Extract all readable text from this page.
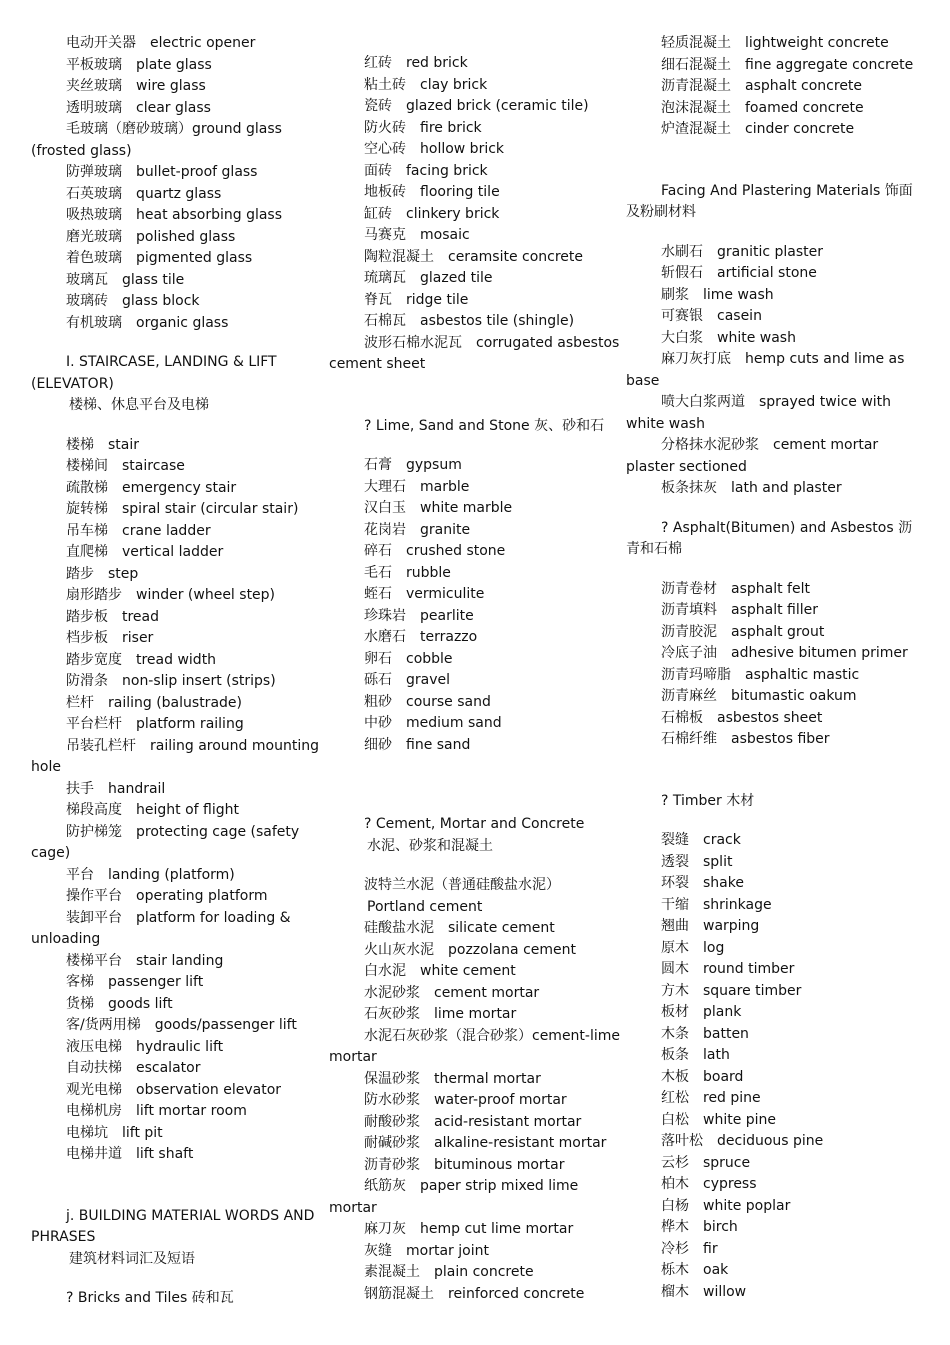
电动开关器　electric opener
平板玻璃　plate glass
夹丝玻璃　wire glass
透明玻璃　clear glass
毛玻璃（磨砂玻璃）ground glass (frosted glass)
防弹玻璃　bullet-proof glass
石英玻璃　quartz glass
吸热玻璃　heat absorbing glass
磨光玻璃　polished glass
着色玻璃　pigmented glass
玻璃瓦　glass tile
玻璃砖　glass block
有机玻璃　organic glass
I. STAIRCASE, LANDING & LIFT (ELEVATOR)
楼梯、休息平台及电梯
楼梯　stair
楼梯间　staircase
疏散梯　emergency stair
旋转梯　spiral stair (circular stair)
吊车梯　crane ladder
直爬梯　vertical ladder
踏步　step
扇形踏步　winder (wheel step)
踏步板　tread
档步板　riser
踏步宽度　tread width
防滑条　non-slip insert (strips)
栏杆　railing (balustrade)
平台栏杆　platform railing
吊装孔栏杆　railing around mounting hole
扶手　handrail
梯段高度　height of flight
防护梯笼　protecting cage (safety cage)
平台　landing (platform)
操作平台　operating platform
装卸平台　platform for loading & unloading
楼梯平台　stair landing
客梯　passenger lift
货梯　goods lift
客/货两用梯　goods/passenger lift
液压电梯　hydraulic lift
自动扶梯　escalator
观光电梯　observation elevator
电梯机房　lift mortar room
电梯坑　lift pit
电梯井道　lift shaft
j. BUILDING MATERIAL WORDS AND PHRASES
建筑材料词汇及短语
? Bricks and Tiles 砖和瓦
红砖　red brick
粘土砖　clay brick
瓷砖　glazed brick (ceramic tile)
防火砖　fire brick
空心砖　hollow brick
面砖　facing brick
地板砖　flooring tile
缸砖　clinkery brick
马赛克　mosaic
陶粒混凝土　ceramsite concrete
琉璃瓦　glazed tile
脊瓦　ridge tile
石棉瓦　asbestos tile (shingle)
波形石棉水泥瓦　corrugated asbestos cement sheet
? Lime, Sand and Stone 灰、砂和石
石膏　gypsum
大理石　marble
汉白玉　white marble
花岗岩　granite
碎石　crushed stone
毛石　rubble
蛭石　vermiculite
珍珠岩　pearlite
水磨石　terrazzo
卵石　cobble
砾石　gravel
粗砂　course sand
中砂　medium sand
细砂　fine sand
? Cement, Mortar and Concrete
水泥、砂浆和混凝土
波特兰水泥（普通硅酸盐水泥）
Portland cement
硅酸盐水泥　silicate cement
火山灰水泥　pozzolana cement
白水泥　white cement
水泥砂浆　cement mortar
石灰砂浆　lime mortar
水泥石灰砂浆（混合砂浆）cement-lime mortar
保温砂浆　thermal mortar
防水砂浆　water-proof mortar
耐酸砂浆　acid-resistant mortar
耐碱砂浆　alkaline-resistant mortar
沥青砂浆　bituminous mortar
纸筋灰　paper strip mixed lime mortar
麻刀灰　hemp cut lime mortar
灰缝　mortar joint
素混凝土　plain concrete
钢筋混凝土　reinforced concrete
轻质混凝土　lightweight concrete
细石混凝土　fine aggregate concrete
沥青混凝土　asphalt concrete
泡沫混凝土　foamed concrete
炉渣混凝土　cinder concrete
Facing And Plastering Materials 饰面及粉刷材料
水刷石　granitic plaster
斩假石　artificial stone
刷浆　lime wash
可赛银　casein
大白浆　white wash
麻刀灰打底　hemp cuts and lime as base
喷大白浆两道　sprayed twice with white wash
分格抹水泥砂浆　cement mortar plaster sectioned
板条抹灰　lath and plaster
? Asphalt(Bitumen) and Asbestos 沥青和石棉
沥青卷材　asphalt felt
沥青填料　asphalt filler
沥青胶泥　asphalt grout
冷底子油　adhesive bitumen primer
沥青玛啼脂　asphaltic mastic
沥青麻丝　bitumastic oakum
石棉板　asbestos sheet
石棉纤维　asbestos fiber
? Timber 木材
裂缝　crack
透裂　split
环裂　shake
干缩　shrinkage
翘曲　warping
原木　log
圆木　round timber
方木　square timber
板材　plank
木条　batten
板条　lath
木板　board
红松　red pine
白松　white pine
落叶松　deciduous pine
云杉　spruce
柏木　cypress
白杨　white poplar
桦木　birch
冷杉　fir
栎木　oak
榴木　willow
